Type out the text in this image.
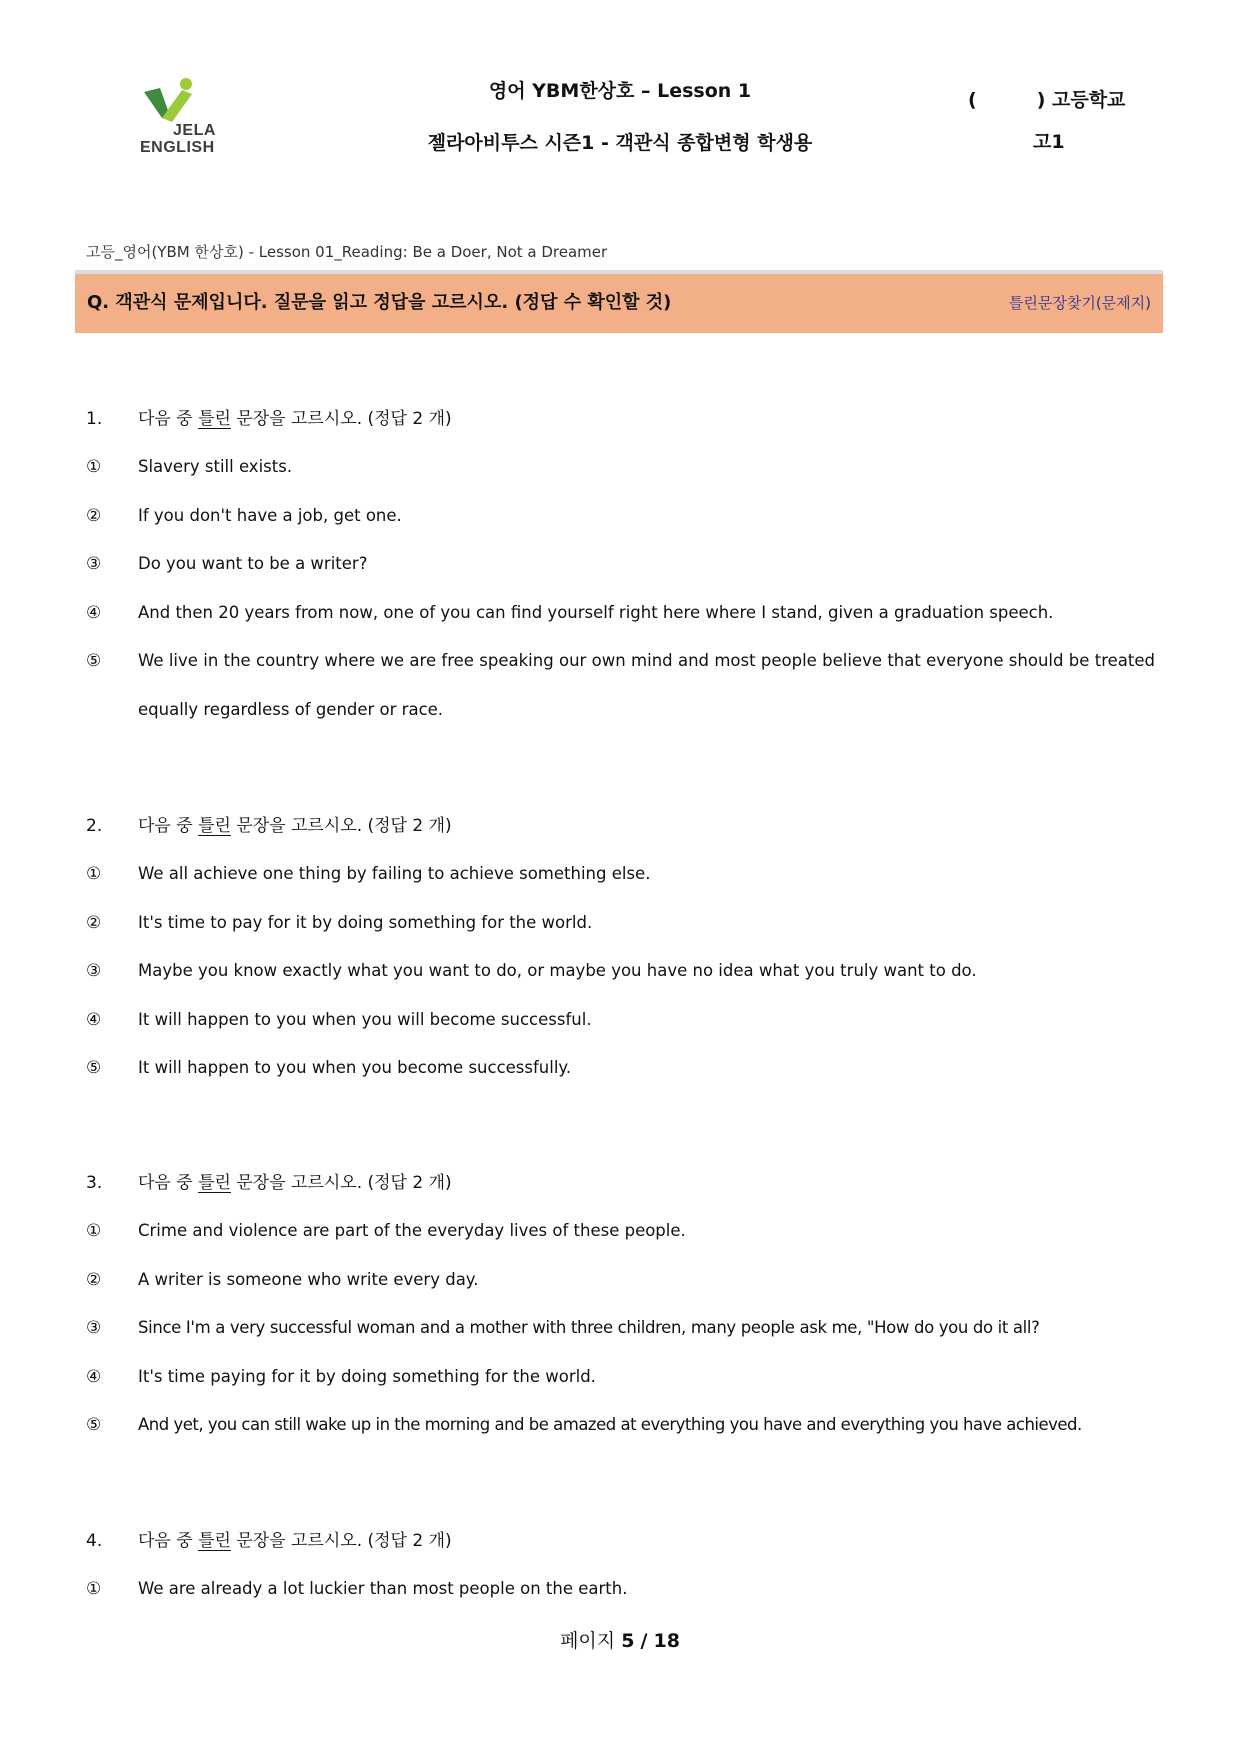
JELA
ENGLISH
영어 YBM한상호 – Lesson 1
젤라아비투스 시즌1 - 객관식 종합변형 학생용
(	) 고등학교
고1
고등_영어(YBM 한상호) - Lesson 01_Reading: Be a Doer, Not a Dreamer
Q. 객관식 문제입니다. 질문을 읽고 정답을 고르시오. (정답 수 확인할 것)	틀린문장찾기(문제지)
1. 다음 중 틀린 문장을 고르시오. (정답 2 개)
① Slavery still exists.
② If you don't have a job, get one.
③ Do you want to be a writer?
④ And then 20 years from now, one of you can find yourself right here where I stand, given a graduation speech.
⑤ We live in the country where we are free speaking our own mind and most people believe that everyone should be treated equally regardless of gender or race.
2. 다음 중 틀린 문장을 고르시오. (정답 2 개)
① We all achieve one thing by failing to achieve something else.
② It's time to pay for it by doing something for the world.
③ Maybe you know exactly what you want to do, or maybe you have no idea what you truly want to do.
④ It will happen to you when you will become successful.
⑤ It will happen to you when you become successfully.
3. 다음 중 틀린 문장을 고르시오. (정답 2 개)
① Crime and violence are part of the everyday lives of these people.
② A writer is someone who write every day.
③ Since I'm a very successful woman and a mother with three children, many people ask me, "How do you do it all?
④ It's time paying for it by doing something for the world.
⑤ And yet, you can still wake up in the morning and be amazed at everything you have and everything you have achieved.
4. 다음 중 틀린 문장을 고르시오. (정답 2 개)
① We are already a lot luckier than most people on the earth.
페이지 5 / 18
